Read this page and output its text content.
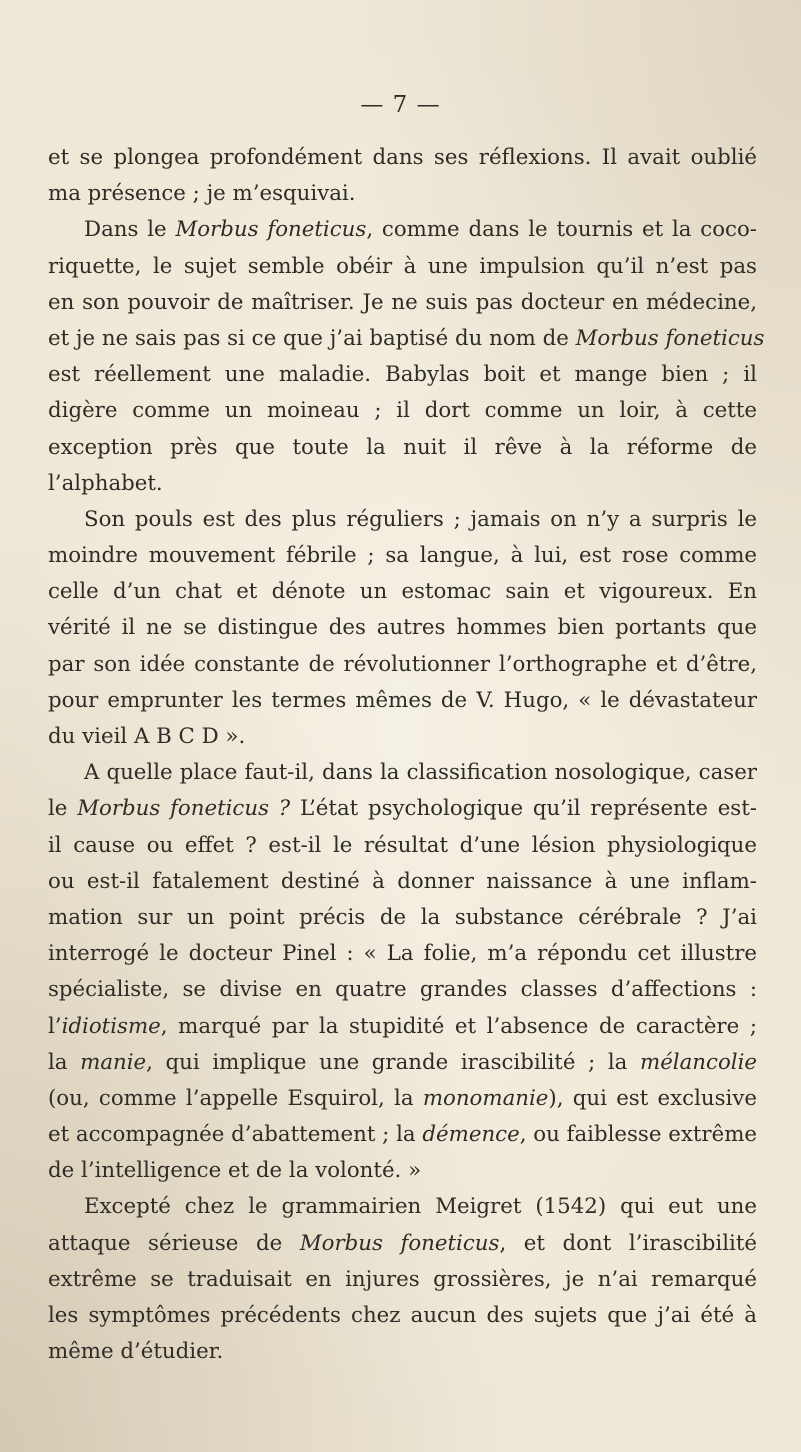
— 7 —
et se plongea profondément dans ses réflexions. Il avait oublié
ma présence ; je m’esquivai.
Dans le Morbus foneticus, comme dans le tournis et la coco-
riquette, le sujet semble obéir à une impulsion qu’il n’est pas
en son pouvoir de maîtriser. Je ne suis pas docteur en médecine,
et je ne sais pas si ce que j’ai baptisé du nom de Morbus foneticus
est réellement une maladie. Babylas boit et mange bien ; il
digère comme un moineau ; il dort comme un loir, à cette
exception près que toute la nuit il rêve à la réforme de
l’alphabet.
Son pouls est des plus réguliers ; jamais on n’y a surpris le
moindre mouvement fébrile ; sa langue, à lui, est rose comme
celle d’un chat et dénote un estomac sain et vigoureux. En
vérité il ne se distingue des autres hommes bien portants que
par son idée constante de révolutionner l’orthographe et d’être,
pour emprunter les termes mêmes de V. Hugo, « le dévastateur
du vieil A B C D ».
A quelle place faut-il, dans la classification nosologique, caser
le Morbus foneticus ? L’état psychologique qu’il représente est-
il cause ou effet ? est-il le résultat d’une lésion physiologique
ou est-il fatalement destiné à donner naissance à une inflam-
mation sur un point précis de la substance cérébrale ? J’ai
interrogé le docteur Pinel : « La folie, m’a répondu cet illustre
spécialiste, se divise en quatre grandes classes d’affections :
l’idiotisme, marqué par la stupidité et l’absence de caractère ;
la manie, qui implique une grande irascibilité ; la mélancolie
(ou, comme l’appelle Esquirol, la monomanie), qui est exclusive
et accompagnée d’abattement ; la démence, ou faiblesse extrême
de l’intelligence et de la volonté. »
Excepté chez le grammairien Meigret (1542) qui eut une
attaque sérieuse de Morbus foneticus, et dont l’irascibilité
extrême se traduisait en injures grossières, je n’ai remarqué
les symptômes précédents chez aucun des sujets que j’ai été à
même d’étudier.
